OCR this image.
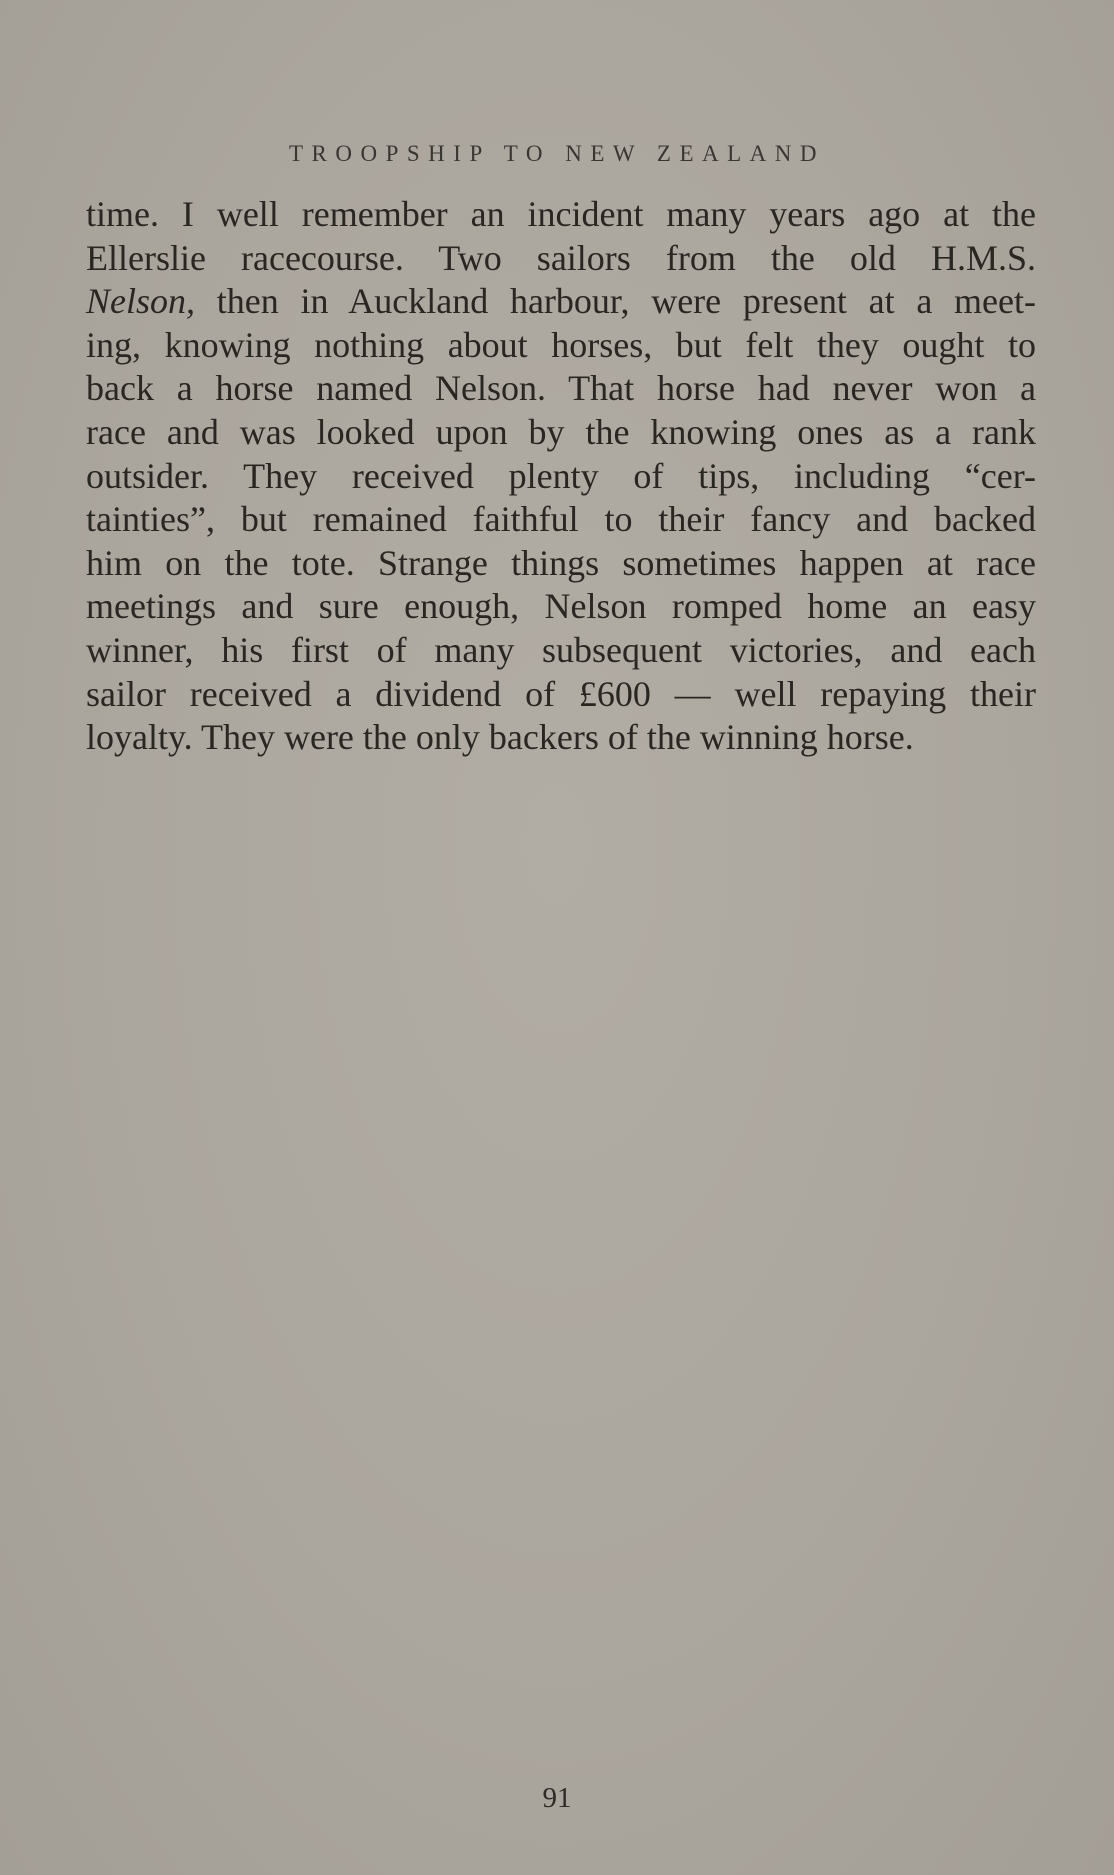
TROOPSHIP TO NEW ZEALAND
time. I well remember an incident many years ago at the
Ellerslie racecourse. Two sailors from the old H.M.S.
Nelson, then in Auckland harbour, were present at a meet-
ing, knowing nothing about horses, but felt they ought to
back a horse named Nelson. That horse had never won a
race and was looked upon by the knowing ones as a rank
outsider. They received plenty of tips, including “cer-
tainties”, but remained faithful to their fancy and backed
him on the tote. Strange things sometimes happen at race
meetings and sure enough, Nelson romped home an easy
winner, his first of many subsequent victories, and each
sailor received a dividend of £600 — well repaying their
loyalty. They were the only backers of the winning horse.
91
